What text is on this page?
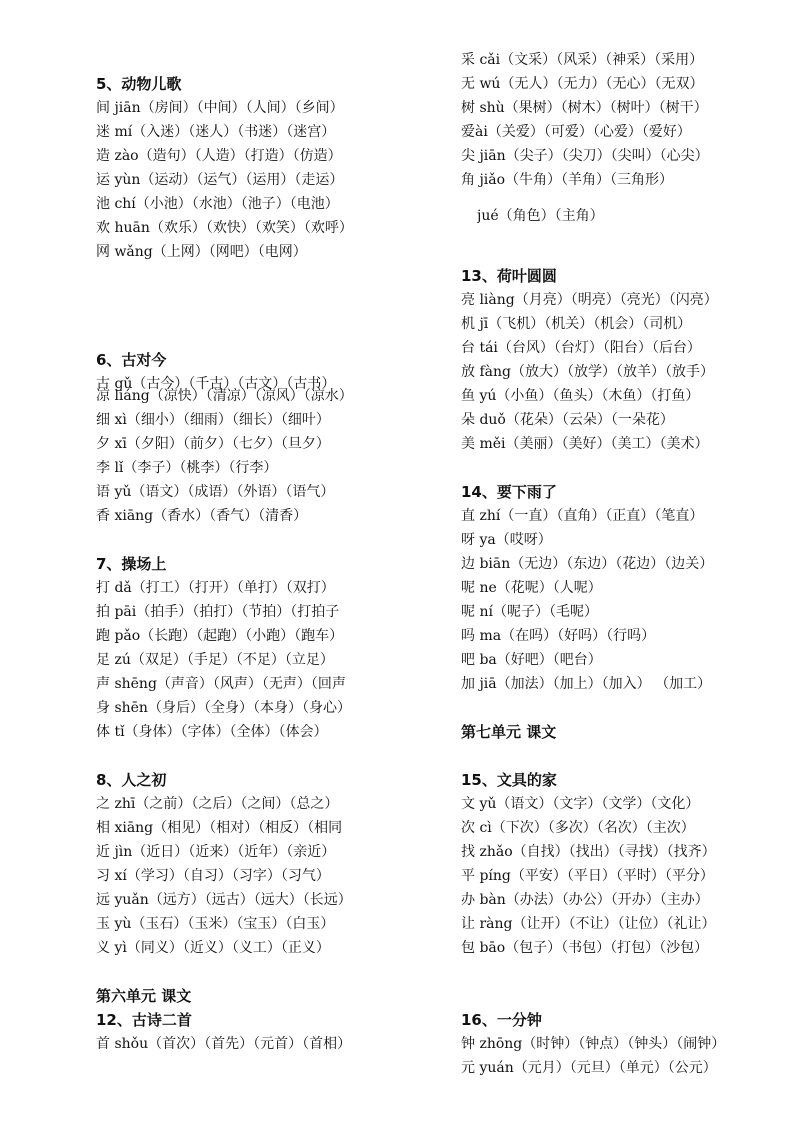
5、动物儿歌
间 jiān（房间）（中间）（人间）（乡间）
迷 mí（入迷）（迷人）（书迷）（迷宫）
造 zào（造句）（人造）（打造）（仿造）
运 yùn（运动）（运气）（运用）（走运）
池 chí（小池）（水池）（池子）（电池）
欢 huān（欢乐）（欢快）（欢笑）（欢呼）
网 wǎng（上网）（网吧）（电网）
6、古对今
古 gǔ（古今）（千古）（古文）（古书）
凉 liáng（凉快）（清凉）（凉风）（凉水）
细 xì（细小）（细雨）（细长）（细叶）
夕 xī（夕阳）（前夕）（七夕）（旦夕）
李 lǐ（李子）（桃李）（行李）
语 yǔ（语文）（成语）（外语）（语气）
香 xiāng（香水）（香气）（清香）
7、操场上
打 dǎ（打工）（打开）（单打）（双打）
拍 pāi（拍手）（拍打）（节拍）（打拍子
跑 pǎo（长跑）（起跑）（小跑）（跑车）
足 zú（双足）（手足）（不足）（立足）
声 shēng（声音）（风声）（无声）（回声
身 shēn（身后）（全身）（本身）（身心）
体 tǐ（身体）（字体）（全体）（体会）
8、人之初
之 zhī（之前）（之后）（之间）（总之）
相 xiāng（相见）（相对）（相反）（相同
近 jìn（近日）（近来）（近年）（亲近）
习 xí（学习）（自习）（习字）（习气）
远 yuǎn（远方）（远古）（远大）（长远）
玉 yù（玉石）（玉米）（宝玉）（白玉）
义 yì（同义）（近义）（义工）（正义）
第六单元 课文
12、古诗二首
首 shǒu（首次）（首先）（元首）（首相）
采 cǎi（文采）（风采）（神采）（采用）
无 wú（无人）（无力）（无心）（无双）
树 shù（果树）（树木）（树叶）（树干）
爱ài（关爱）（可爱）（心爱）（爱好）
尖 jiān（尖子）（尖刀）（尖叫）（心尖）
角 jiǎo（牛角）（羊角）（三角形）
jué（角色）（主角）
13、荷叶圆圆
亮 liàng（月亮）（明亮）（亮光）（闪亮）
机 jī（飞机）（机关）（机会）（司机）
台 tái（台风）（台灯）（阳台）（后台）
放 fàng（放大）（放学）（放羊）（放手）
鱼 yú（小鱼）（鱼头）（木鱼）（打鱼）
朵 duǒ（花朵）（云朵）（一朵花）
美 měi（美丽）（美好）（美工）（美术）
14、要下雨了
直 zhí（一直）（直角）（正直）（笔直）
呀 ya（哎呀）
边 biān（无边）（东边）（花边）（边关）
呢 ne（花呢）（人呢）
呢 ní（呢子）（毛呢）
吗 ma（在吗）（好吗）（行吗）
吧 ba（好吧）（吧台）
加 jiā（加法）（加上）（加入） （加工）
第七单元 课文
15、文具的家
文 yǔ（语文）（文字）（文学）（文化）
次 cì（下次）（多次）（名次）（主次）
找 zhǎo（自找）（找出）（寻找）（找齐）
平 píng（平安）（平日）（平时）（平分）
办 bàn（办法）（办公）（开办）（主办）
让 ràng（让开）（不让）（让位）（礼让）
包 bāo（包子）（书包）（打包）（沙包）
16、一分钟
钟 zhōng（时钟）（钟点）（钟头）（闹钟）
元 yuán（元月）（元旦）（单元）（公元）
